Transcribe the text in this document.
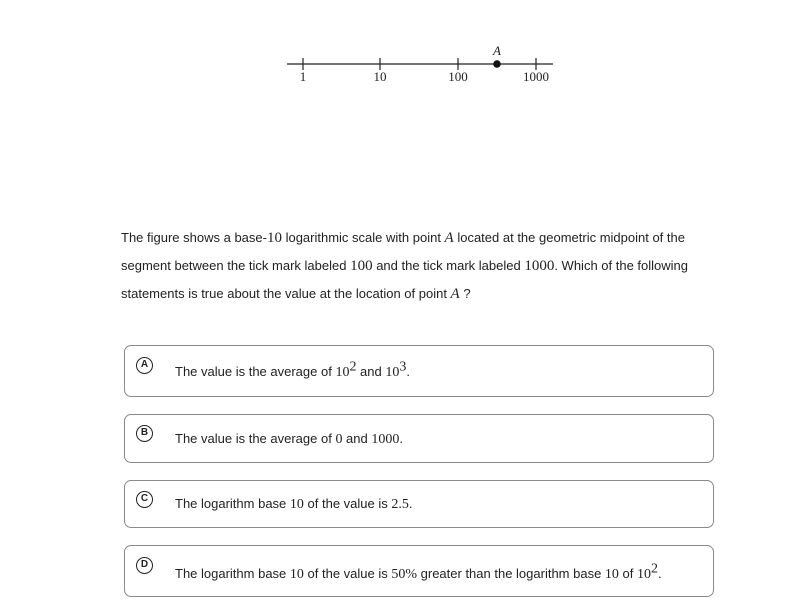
A
1	10	100	1000
The figure shows a base-10 logarithmic scale with point A located at the geometric midpoint of the segment between the tick mark labeled 100 and the tick mark labeled 1000. Which of the following statements is true about the value at the location of point A ?
A	The value is the average of $10^2$ and $10^3$.
B	The value is the average of 0 and 1000.
C	The logarithm base 10 of the value is 2.5.
D
The logarithm base 10 of the value is 50% greater than the logarithm base 10 of $10^2$.
